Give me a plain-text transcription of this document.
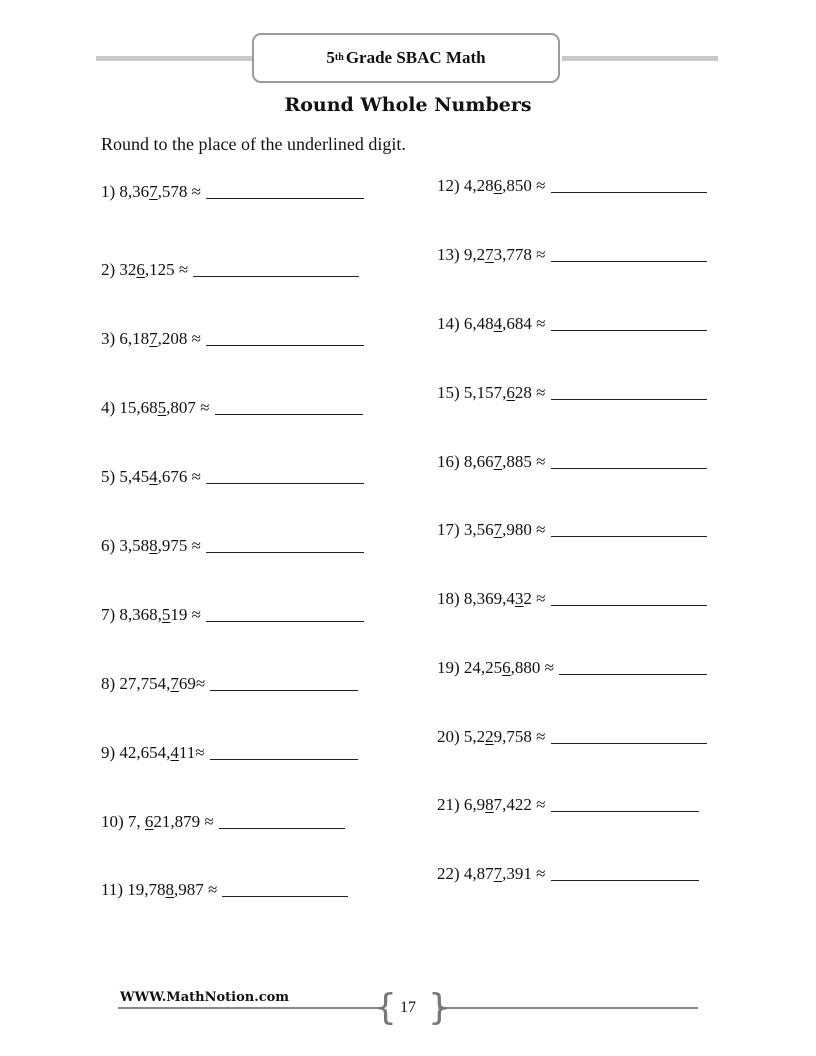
5 th Grade SBAC Math
Round Whole Numbers
Round to the place of the underlined digit.
1) 8,367,578 ≈
2) 326,125 ≈
3) 6,187,208 ≈
4) 15,685,807 ≈
5) 5,454,676 ≈
6) 3,588,975 ≈
7) 8,368,519 ≈
8) 27,754,769≈
9) 42,654,411≈
10) 7, 621,879 ≈
11) 19,788,987 ≈
12) 4,286,850 ≈
13) 9,273,778 ≈
14) 6,484,684 ≈
15) 5,157,628 ≈
16) 8,667,885 ≈
17) 3,567,980 ≈
18) 8,369,432 ≈
19) 24,256,880 ≈
20) 5,229,758 ≈
21) 6,987,422 ≈
22) 4,877,391 ≈
WWW.MathNotion.com { }
17
